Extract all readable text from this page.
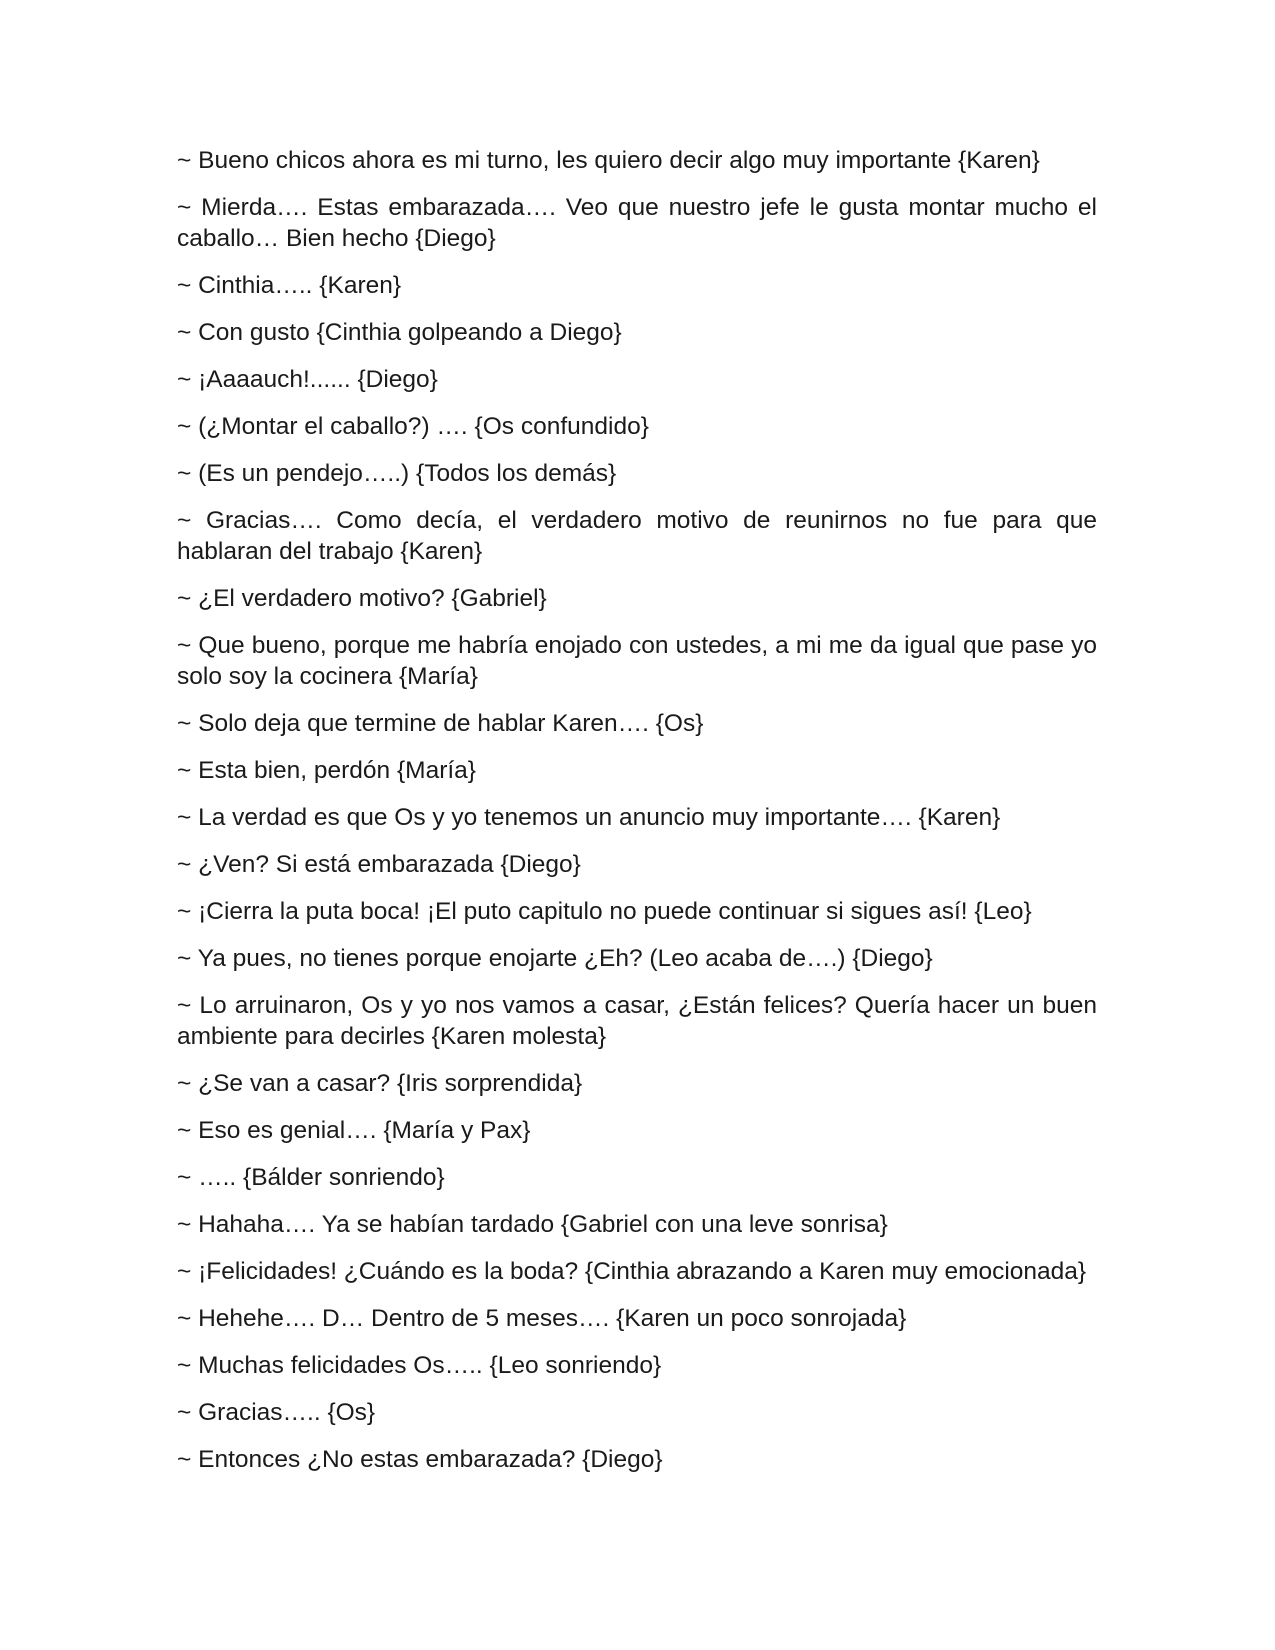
~ Bueno chicos ahora es mi turno, les quiero decir algo muy importante {Karen}

~ Mierda…. Estas embarazada…. Veo que nuestro jefe le gusta montar mucho el caballo… Bien hecho {Diego}

~ Cinthia….. {Karen}

~ Con gusto {Cinthia golpeando a Diego}

~ ¡Aaaauch!...... {Diego}

~ (¿Montar el caballo?) …. {Os confundido}

~ (Es un pendejo…..) {Todos los demás}

~ Gracias…. Como decía, el verdadero motivo de reunirnos no fue para que hablaran del trabajo {Karen}

~ ¿El verdadero motivo? {Gabriel}

~ Que bueno, porque me habría enojado con ustedes, a mi me da igual que pase yo solo soy la cocinera {María}

~ Solo deja que termine de hablar Karen…. {Os}

~ Esta bien, perdón {María}

~ La verdad es que Os y yo tenemos un anuncio muy importante…. {Karen}

~ ¿Ven? Si está embarazada {Diego}

~ ¡Cierra la puta boca! ¡El puto capitulo no puede continuar si sigues así! {Leo}

~ Ya pues, no tienes porque enojarte ¿Eh? (Leo acaba de….) {Diego}

~ Lo arruinaron, Os y yo nos vamos a casar, ¿Están felices? Quería hacer un buen ambiente para decirles {Karen molesta}

~ ¿Se van a casar? {Iris sorprendida}

~ Eso es genial…. {María y Pax}

~ ….. {Bálder sonriendo}

~ Hahaha…. Ya se habían tardado {Gabriel con una leve sonrisa}

~ ¡Felicidades! ¿Cuándo es la boda? {Cinthia abrazando a Karen muy emocionada}

~ Hehehe…. D… Dentro de 5 meses…. {Karen un poco sonrojada}

~ Muchas felicidades Os….. {Leo sonriendo}

~ Gracias….. {Os}

~ Entonces ¿No estas embarazada? {Diego}
